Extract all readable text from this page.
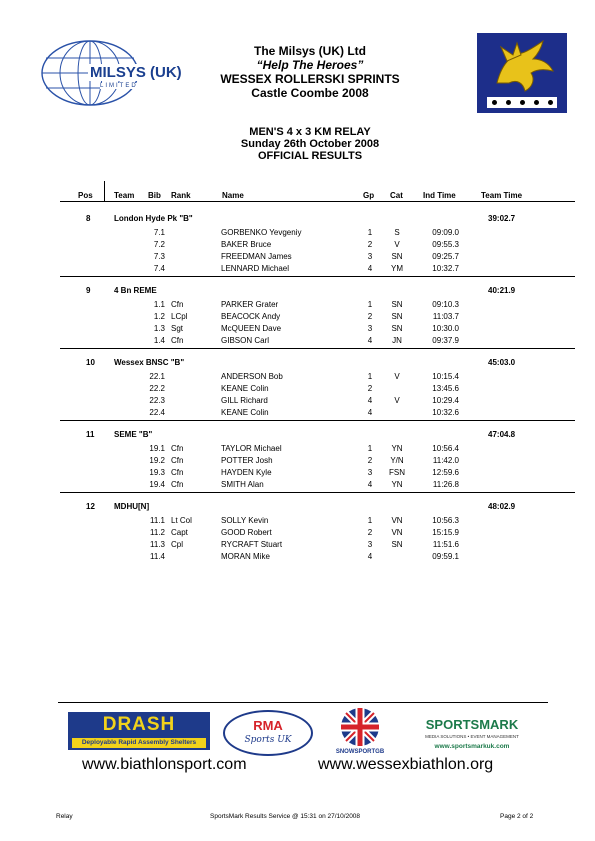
MILSYS (UK)
LIMITED
The Milsys (UK) Ltd
“Help The Heroes”
WESSEX ROLLERSKI SPRINTS
Castle Coombe 2008
MEN'S 4 x 3 KM RELAY
Sunday 26th October 2008
OFFICIAL RESULTS
Pos	Team Bib Rank	Name	Gp Cat	Ind Time	Team Time
8	London Hyde Pk "B"	39:02.7
7.1	GORBENKO Yevgeniy	1	S	09:09.0
7.2	BAKER Bruce	2	V	09:55.3
7.3	FREEDMAN James	3	SN	09:25.7
7.4	LENNARD Michael	4	YM	10:32.7
9	4 Bn REME	40:21.9
1.1 Cfn	PARKER Grater	1	SN	09:10.3
1.2 LCpl	BEACOCK Andy	2	SN	11:03.7
1.3 Sgt	McQUEEN Dave	3	SN	10:30.0
1.4 Cfn	GIBSON Carl	4	JN	09:37.9
10 Wessex BNSC "B"	45:03.0
22.1	ANDERSON Bob	1	V	10:15.4
22.2	KEANE Colin	2	13:45.6
22.3	GILL Richard	4	V	10:29.4
22.4	KEANE Colin	4	10:32.6
11 SEME "B"	47:04.8
19.1 Cfn	TAYLOR Michael	1	YN	10:56.4
19.2 Cfn	POTTER Josh	2	Y/N	11:42.0
19.3 Cfn	HAYDEN Kyle	3	FSN	12:59.6
19.4 Cfn	SMITH Alan	4	YN	11:26.8
12 MDHU[N]	48:02.9
11.1 Lt Col	SOLLY Kevin	1	VN	10:56.3
11.2 Capt	GOOD Robert	2	VN	15:15.9
11.3 Cpl	RYCRAFT Stuart	3	SN	11:51.6
11.4	MORAN Mike	4	09:59.1
DRASH
Deployable Rapid Assembly Shelters
RMA
Sports UK
SNOWSPORTGB
SPORTSMARK
MEDIA SOLUTIONS • EVENT MANAGEMENT
www.sportsmarkuk.com
www.biathlonsport.com	www.wessexbiathlon.org
Relay	SportsMark Results Service @ 15:31 on 27/10/2008	Page 2 of 2
